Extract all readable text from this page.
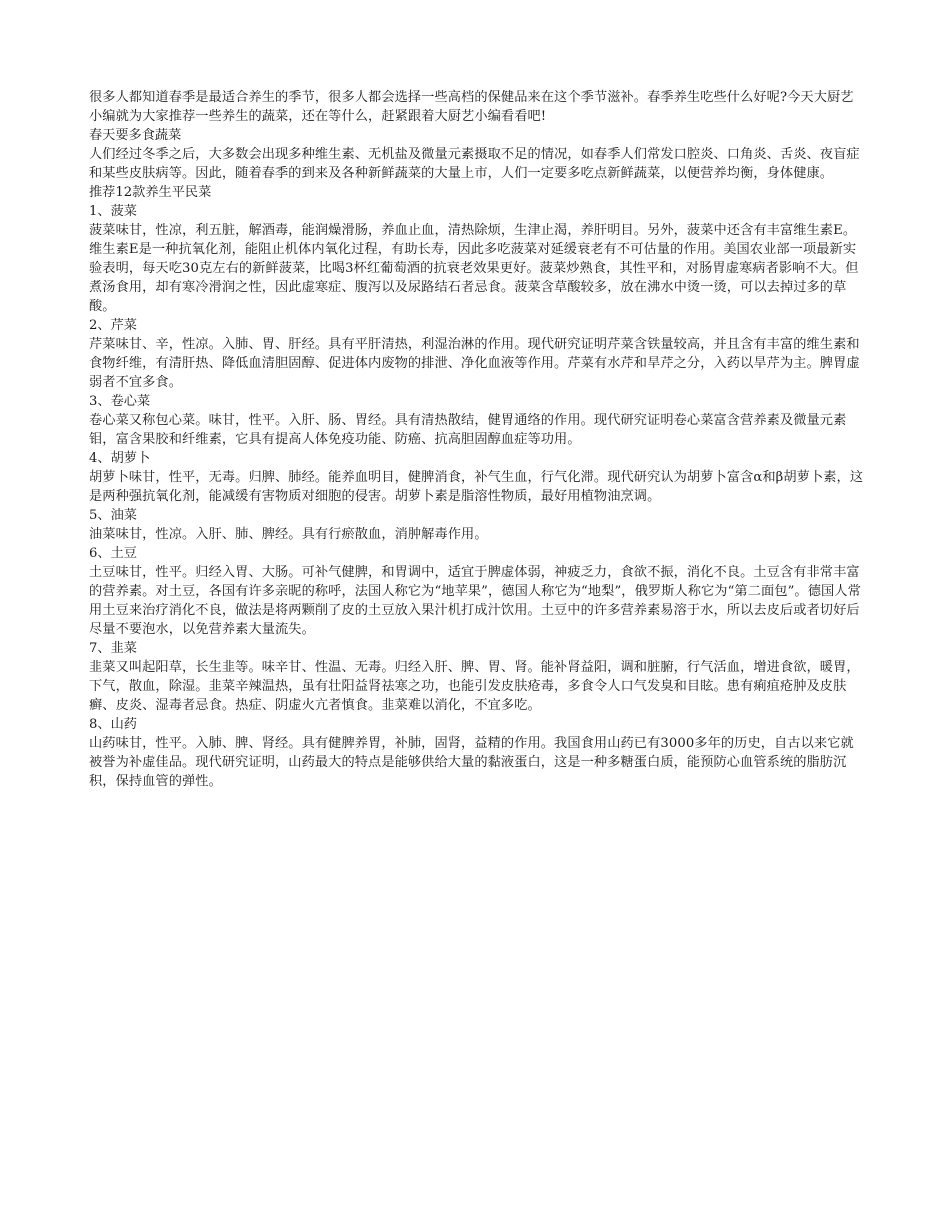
很多人都知道春季是最适合养生的季节，很多人都会选择一些高档的保健品来在这个季节滋补。春季养生吃些什么好呢?今天大厨艺小编就为大家推荐一些养生的蔬菜，还在等什么，赶紧跟着大厨艺小编看看吧!

春天要多食蔬菜

人们经过冬季之后，大多数会出现多种维生素、无机盐及微量元素摄取不足的情况，如春季人们常发口腔炎、口角炎、舌炎、夜盲症和某些皮肤病等。因此，随着春季的到来及各种新鲜蔬菜的大量上市，人们一定要多吃点新鲜蔬菜，以便营养均衡，身体健康。

推荐12款养生平民菜

1、菠菜

菠菜味甘，性凉，利五脏，解酒毒，能润燥滑肠，养血止血，清热除烦，生津止渴，养肝明目。另外，菠菜中还含有丰富维生素E。维生素E是一种抗氧化剂，能阻止机体内氧化过程，有助长寿，因此多吃菠菜对延缓衰老有不可估量的作用。美国农业部一项最新实验表明，每天吃30克左右的新鲜菠菜，比喝3杯红葡萄酒的抗衰老效果更好。菠菜炒熟食，其性平和，对肠胃虚寒病者影响不大。但煮汤食用，却有寒冷滑润之性，因此虚寒症、腹泻以及尿路结石者忌食。菠菜含草酸较多，放在沸水中烫一烫，可以去掉过多的草酸。

2、芹菜

芹菜味甘、辛，性凉。入肺、胃、肝经。具有平肝清热，利湿治淋的作用。现代研究证明芹菜含铁量较高，并且含有丰富的维生素和食物纤维，有清肝热、降低血清胆固醇、促进体内废物的排泄、净化血液等作用。芹菜有水芹和旱芹之分，入药以旱芹为主。脾胃虚弱者不宜多食。

3、卷心菜

卷心菜又称包心菜。味甘，性平。入肝、肠、胃经。具有清热散结，健胃通络的作用。现代研究证明卷心菜富含营养素及微量元素钼，富含果胶和纤维素，它具有提高人体免疫功能、防癌、抗高胆固醇血症等功用。

4、胡萝卜

胡萝卜味甘，性平，无毒。归脾、肺经。能养血明目，健脾消食，补气生血，行气化滞。现代研究认为胡萝卜富含α和β胡萝卜素，这是两种强抗氧化剂，能减缓有害物质对细胞的侵害。胡萝卜素是脂溶性物质，最好用植物油烹调。

5、油菜

油菜味甘，性凉。入肝、肺、脾经。具有行瘀散血，消肿解毒作用。

6、土豆

土豆味甘，性平。归经入胃、大肠。可补气健脾，和胃调中，适宜于脾虚体弱，神疲乏力，食欲不振，消化不良。土豆含有非常丰富的营养素。对土豆，各国有许多亲昵的称呼，法国人称它为“地苹果”，德国人称它为“地梨”，俄罗斯人称它为“第二面包”。德国人常用土豆来治疗消化不良，做法是将两颗削了皮的土豆放入果汁机打成汁饮用。土豆中的许多营养素易溶于水，所以去皮后或者切好后尽量不要泡水，以免营养素大量流失。

7、韭菜

韭菜又叫起阳草，长生韭等。味辛甘、性温、无毒。归经入肝、脾、胃、肾。能补肾益阳，调和脏腑，行气活血，增进食欲，暖胃，下气，散血，除湿。韭菜辛辣温热，虽有壮阳益肾祛寒之功，也能引发皮肤疮毒，多食令人口气发臭和目眩。患有痢疽疮肿及皮肤癣、皮炎、湿毒者忌食。热症、阴虚火亢者慎食。韭菜难以消化，不宜多吃。

8、山药

山药味甘，性平。入肺、脾、肾经。具有健脾养胃，补肺，固肾，益精的作用。我国食用山药已有3000多年的历史，自古以来它就被誉为补虚佳品。现代研究证明，山药最大的特点是能够供给大量的黏液蛋白，这是一种多糖蛋白质，能预防心血管系统的脂肪沉积，保持血管的弹性。
